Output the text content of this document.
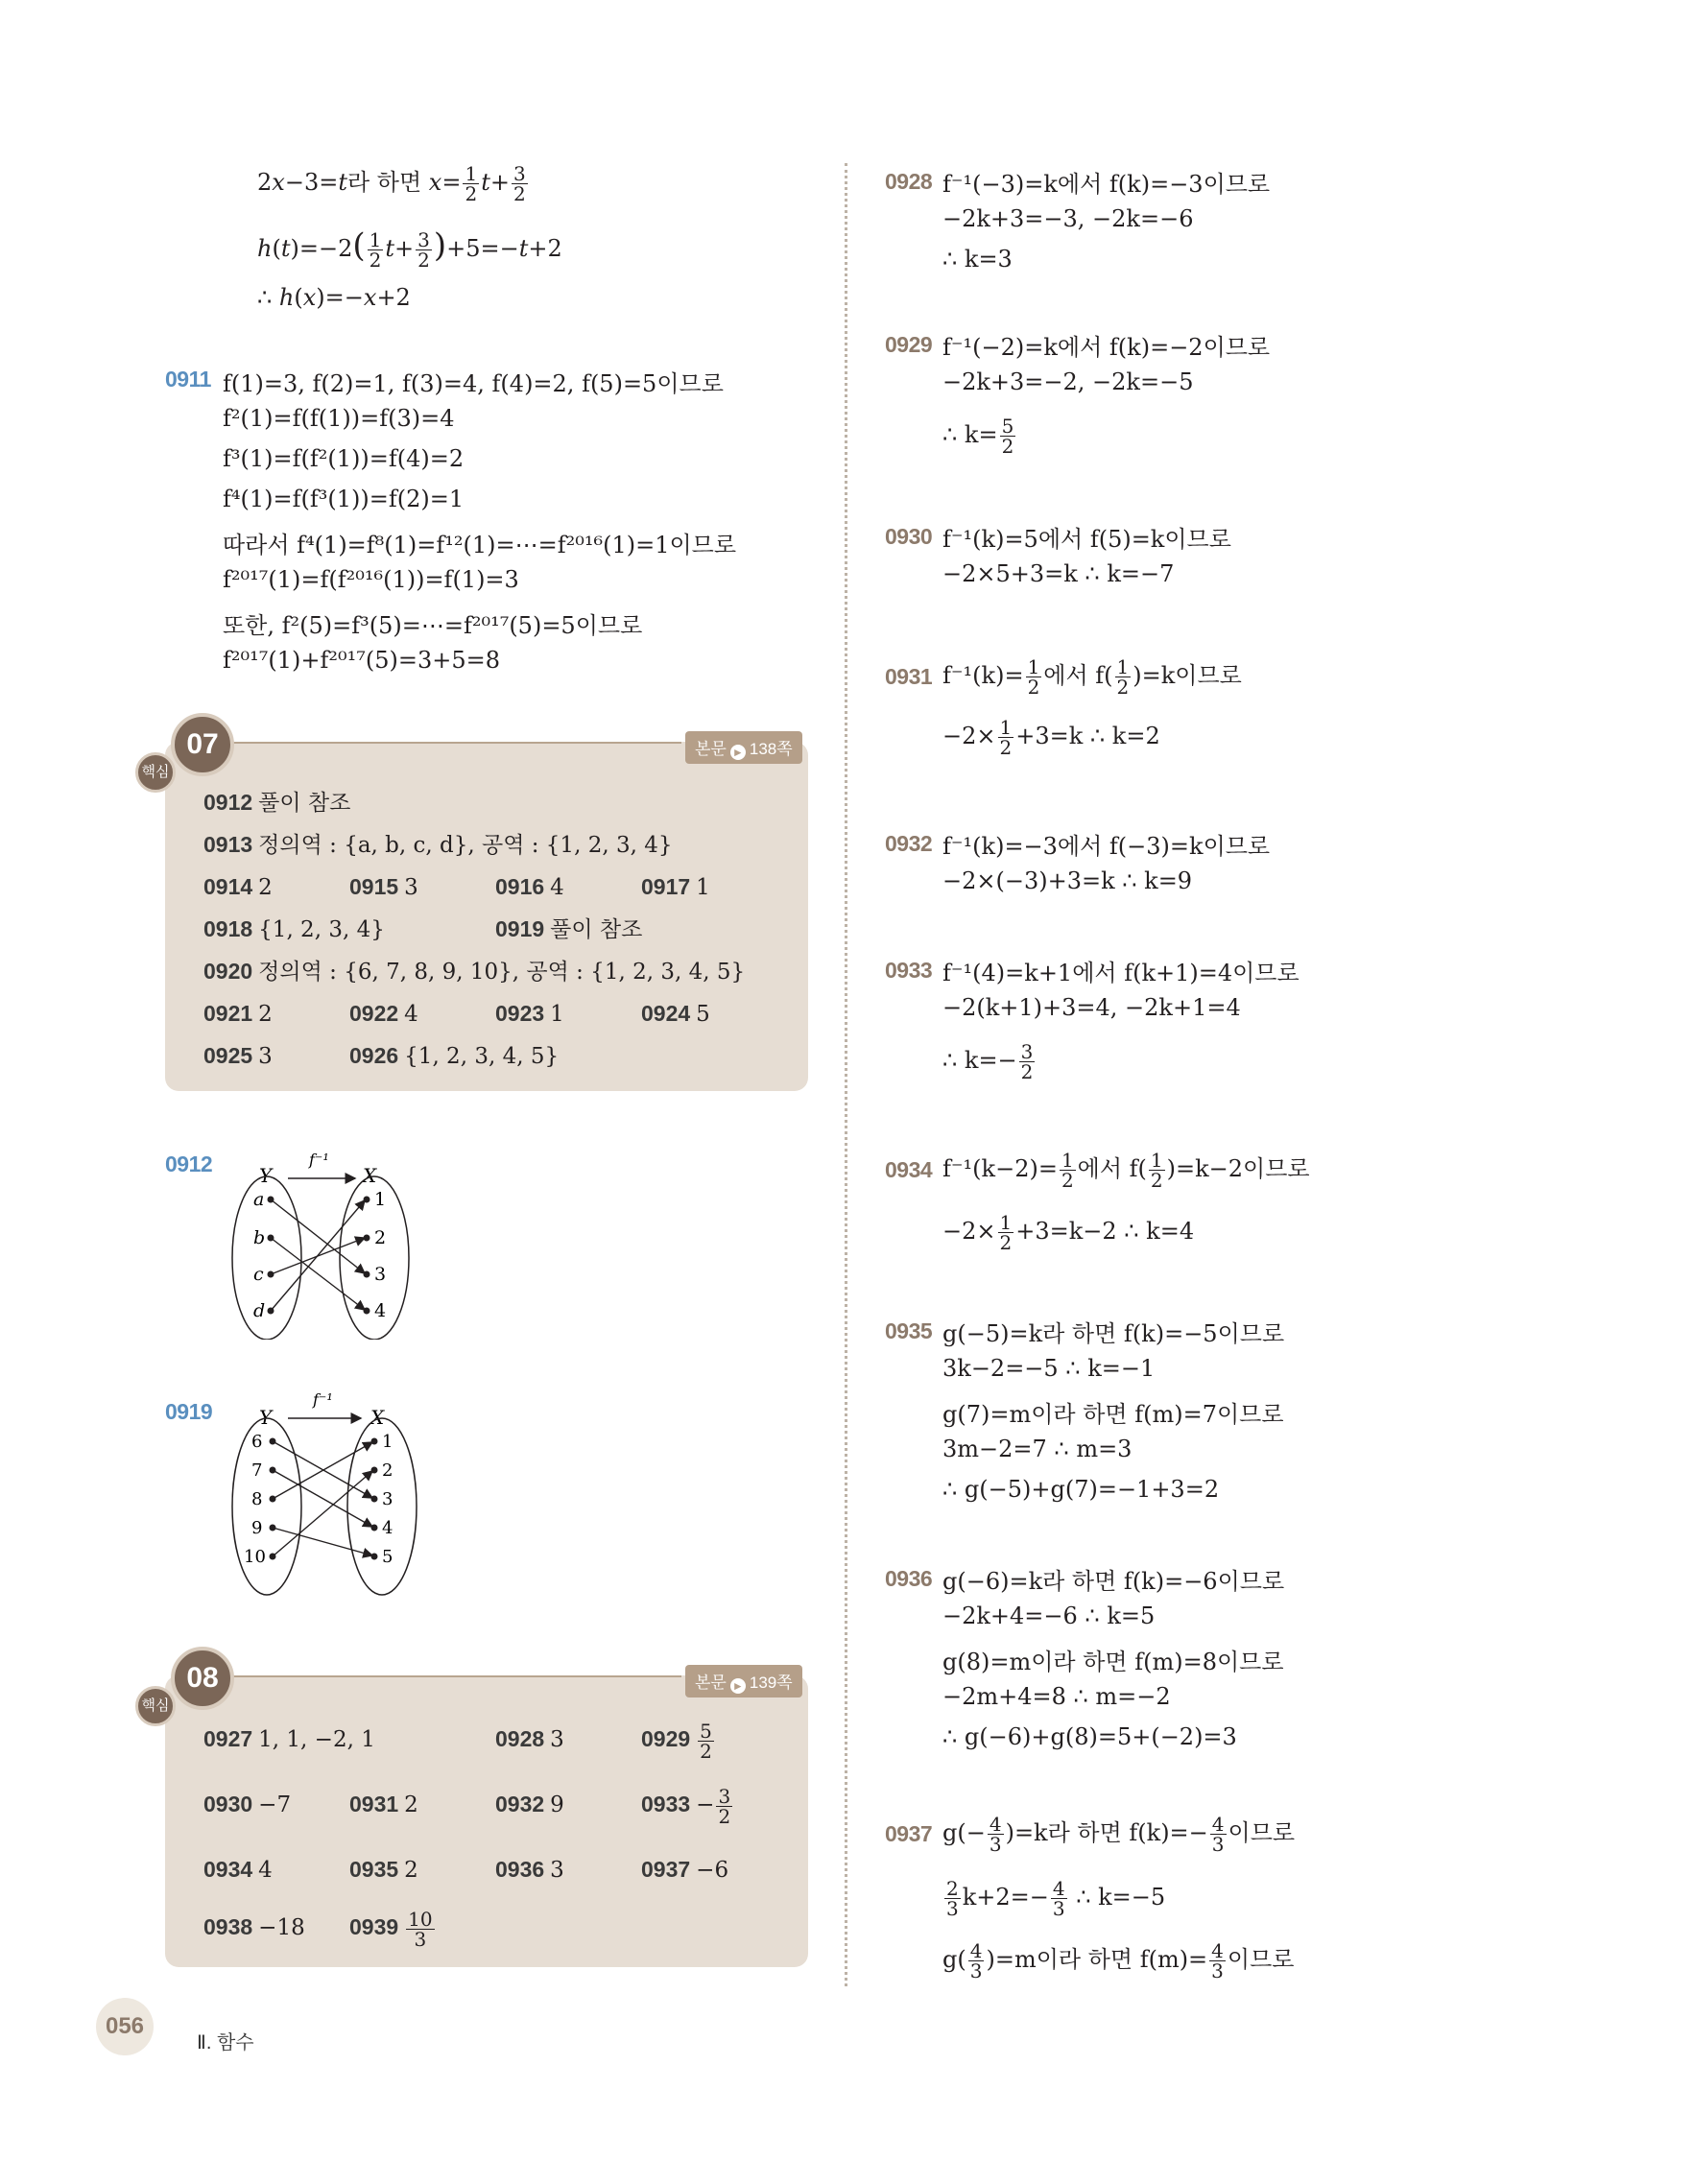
2x−3=t라 하면 $x= \frac{1}{2} t+ \frac{3}{2}$
$h(t)=-2( \frac{1}{2} t+ \frac{3}{2} )+5=-t+2$
∴ h(x)=−x+2
0911 f(1)=3, f(2)=1, f(3)=4, f(4)=2, f(5)=5이므로
f²(1)=f(f(1))=f(3)=4
f³(1)=f(f²(1))=f(4)=2
f⁴(1)=f(f³(1))=f(2)=1
따라서 f⁴(1)=f⁸(1)=f¹²(1)=⋯=f²⁰¹⁶(1)=1이므로
f²⁰¹⁷(1)=f(f²⁰¹⁶(1))=f(1)=3
또한, f²(5)=f³(5)=⋯=f²⁰¹⁷(5)=5이므로
f²⁰¹⁷(1)+f²⁰¹⁷(5)=3+5=8
07
핵심
본문 ► 138쪽
0912 풀이 참조
0913 정의역 : {a, b, c, d}, 공역 : {1, 2, 3, 4}
0914 2	0915 3	0916 4	0917 1
0918 {1, 2, 3, 4}	0919 풀이 참조
0920 정의역 : {6, 7, 8, 9, 10}, 공역 : {1, 2, 3, 4, 5}
0921 2	0922 4	0923 1	0924 5
0925 3	0926 {1, 2, 3, 4, 5}
0912 Y	X
f⁻¹
a
b
c
d
1
2
3
4
0919 Y	X
f⁻¹
6
7
8
9
10
1
2
3
4
5
08
핵심
본문 ► 139쪽
0927 1, 1, −2, 1	0928 3	$0929 \frac{5}{2}$
0930 −7	0931 2	0932 9	$0933 - \frac{3}{2}$
0934 4	0935 2	0936 3	0937 −6
0938 −18 $0939 \frac{10}{3}$
0928 f⁻¹(−3)=k에서 f(k)=−3이므로
−2k+3=−3, −2k=−6
∴ k=3
0929 f⁻¹(−2)=k에서 f(k)=−2이므로
−2k+3=−2, −2k=−5
∴ $k= \frac{5}{2}$
0930 f⁻¹(k)=5에서 f(5)=k이므로
−2×5+3=k ∴ k=−7
0931 $f^{-1}(k)= \frac{1}{2}$ 에서 $f( \frac{1}{2} )=k$이므로
$-2\times \frac{1}{2} +3=k$ ∴ k=2
0932 f⁻¹(k)=−3에서 f(−3)=k이므로
−2×(−3)+3=k ∴ k=9
0933 f⁻¹(4)=k+1에서 f(k+1)=4이므로
−2(k+1)+3=4, −2k+1=4
∴ $k=- \frac{3}{2}$
0934 $f^{-1}(k-2)= \frac{1}{2}$ 에서 $f( \frac{1}{2} )=k-2$이므로
$-2\times \frac{1}{2} +3=k-2$ ∴ k=4
0935 g(−5)=k라 하면 f(k)=−5이므로
3k−2=−5 ∴ k=−1
g(7)=m이라 하면 f(m)=7이므로
3m−2=7 ∴ m=3
∴ g(−5)+g(7)=−1+3=2
0936 g(−6)=k라 하면 f(k)=−6이므로
−2k+4=−6 ∴ k=5
g(8)=m이라 하면 f(m)=8이므로
−2m+4=8 ∴ m=−2
∴ g(−6)+g(8)=5+(−2)=3
0937 $g(- \frac{4}{3} )=k$라 하면 $f(k)=- \frac{4}{3}$ 이므로
$\frac{2}{3} k+2=- \frac{4}{3}$ ∴ k=−5
$g( \frac{4}{3} )=m$이라 하면 $f(m)= \frac{4}{3}$ 이므로
056
Ⅱ. 함수
